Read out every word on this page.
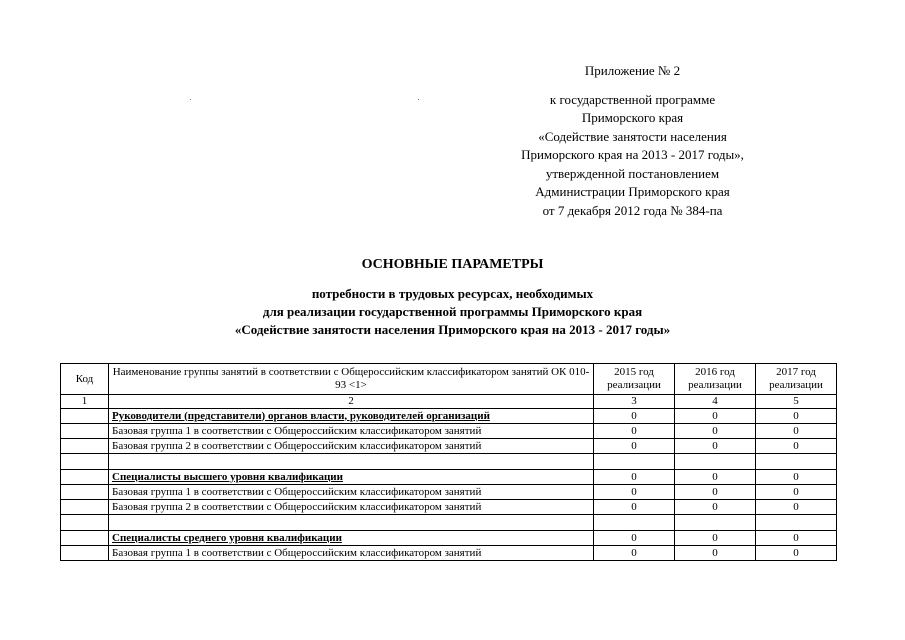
Приложение № 2
к государственной программе
Приморского края
«Содействие занятости населения
Приморского края на 2013 - 2017 годы»,
утвержденной постановлением
Администрации Приморского края
от 7 декабря 2012 года № 384-па
ОСНОВНЫЕ ПАРАМЕТРЫ
потребности в трудовых ресурсах, необходимых
для реализации государственной программы Приморского края
«Содействие занятости населения Приморского края на 2013 - 2017 годы»
Код	Наименование группы занятий в соответствии с Общероссийским классификатором занятий ОК 010-93 <1>	2015 год реализации	2016 год реализации	2017 год реализации
1	2	3	4	5
	Руководители (представители) органов власти, руководителей организаций	0	0	0
	Базовая группа 1 в соответствии с Общероссийским классификатором занятий	0	0	0
	Базовая группа 2 в соответствии с Общероссийским классификатором занятий	0	0	0

	Специалисты высшего уровня квалификации	0	0	0
	Базовая группа 1 в соответствии с Общероссийским классификатором занятий	0	0	0
	Базовая группа 2 в соответствии с Общероссийским классификатором занятий	0	0	0

	Специалисты среднего уровня квалификации	0	0	0
	Базовая группа 1 в соответствии с Общероссийским классификатором занятий	0	0	0
